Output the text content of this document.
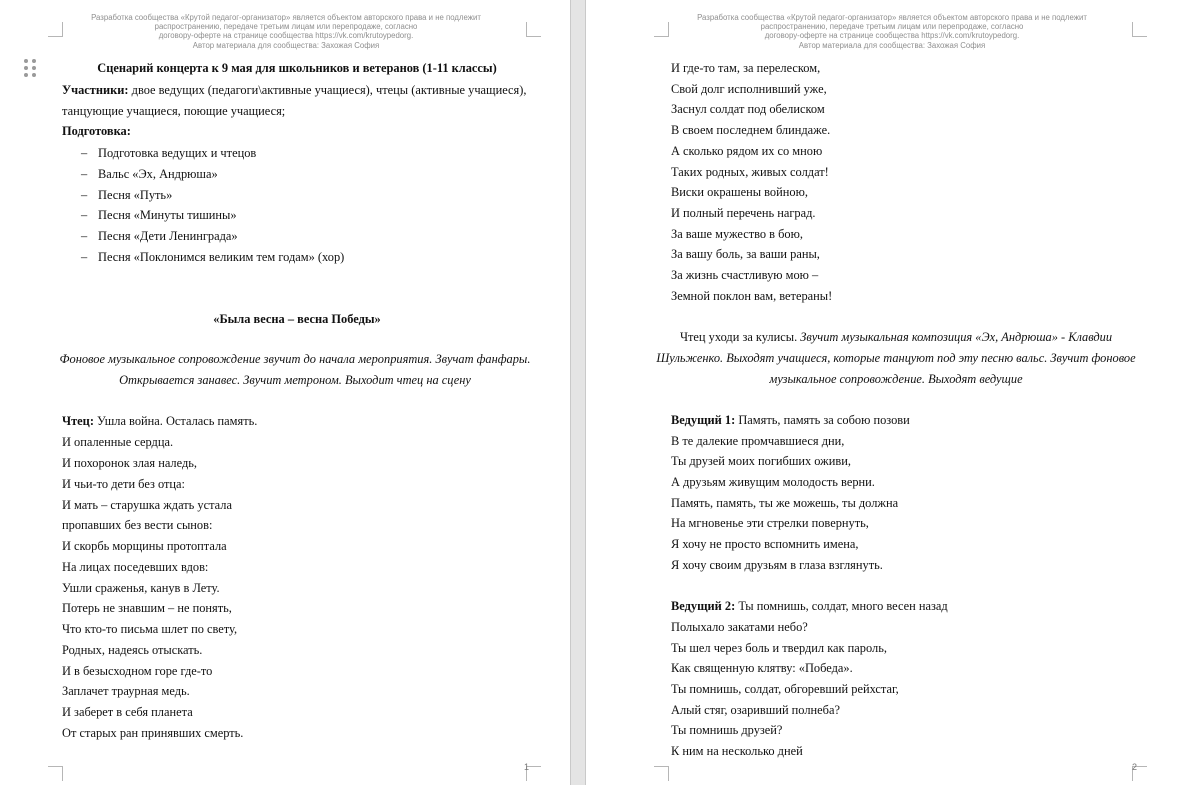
Разработка сообщества «Крутой педагог-организатор» является объектом авторского права и не подлежит
распространению, передаче третьим лицам или перепродаже, согласно
договору-оферте на странице сообщества https://vk.com/krutoypedorg.
Автор материала для сообщества: Захожая София
Сценарий концерта к 9 мая для школьников и ветеранов (1-11 классы)
Участники: двое ведущих (педагоги\активные учащиеся), чтецы (активные учащиеся),
танцующие учащиеся, поющие учащиеся;
Подготовка:
– Подготовка ведущих и чтецов
– Вальс «Эх, Андрюша»
– Песня «Путь»
– Песня «Минуты тишины»
– Песня «Дети Ленинграда»
– Песня «Поклонимся великим тем годам» (хор)
«Была весна – весна Победы»
Фоновое музыкальное сопровождение звучит до начала мероприятия. Звучат фанфары.
Открывается занавес. Звучит метроном. Выходит чтец на сцену
Чтец: Ушла война. Осталась память.
И опаленные сердца.
И похоронок злая наледь,
И чьи-то дети без отца:
И мать – старушка ждать устала
пропавших без вести сынов:
И скорбь морщины протоптала
На лицах поседевших вдов:
Ушли сраженья, канув в Лету.
Потерь не знавшим – не понять,
Что кто-то письма шлет по свету,
Родных, надеясь отыскать.
И в безысходном горе где-то
Заплачет траурная медь.
И заберет в себя планета
От старых ран принявших смерть.
1
Разработка сообщества «Крутой педагог-организатор» является объектом авторского права и не подлежит
распространению, передаче третьим лицам или перепродаже, согласно
договору-оферте на странице сообщества https://vk.com/krutoypedorg.
Автор материала для сообщества: Захожая София
И где-то там, за перелеском,
Свой долг исполнивший уже,
Заснул солдат под обелиском
В своем последнем блиндаже.
А сколько рядом их со мною
Таких родных, живых солдат!
Виски окрашены войною,
И полный перечень наград.
За ваше мужество в бою,
За вашу боль, за ваши раны,
За жизнь счастливую мою –
Земной поклон вам, ветераны!
Чтец уходи за кулисы. Звучит музыкальная композиция «Эх, Андрюша» - Клавдии
Шульженко. Выходят учащиеся, которые танцуют под эту песню вальс. Звучит фоновое
музыкальное сопровождение. Выходят ведущие
Ведущий 1: Память, память за собою позови
В те далекие промчавшиеся дни,
Ты друзей моих погибших оживи,
А друзьям живущим молодость верни.
Память, память, ты же можешь, ты должна
На мгновенье эти стрелки повернуть,
Я хочу не просто вспомнить имена,
Я хочу своим друзьям в глаза взглянуть.
Ведущий 2: Ты помнишь, солдат, много весен назад
Полыхало закатами небо?
Ты шел через боль и твердил как пароль,
Как священную клятву: «Победа».
Ты помнишь, солдат, обгоревший рейхстаг,
Алый стяг, озаривший полнеба?
Ты помнишь друзей?
К ним на несколько дней
2
